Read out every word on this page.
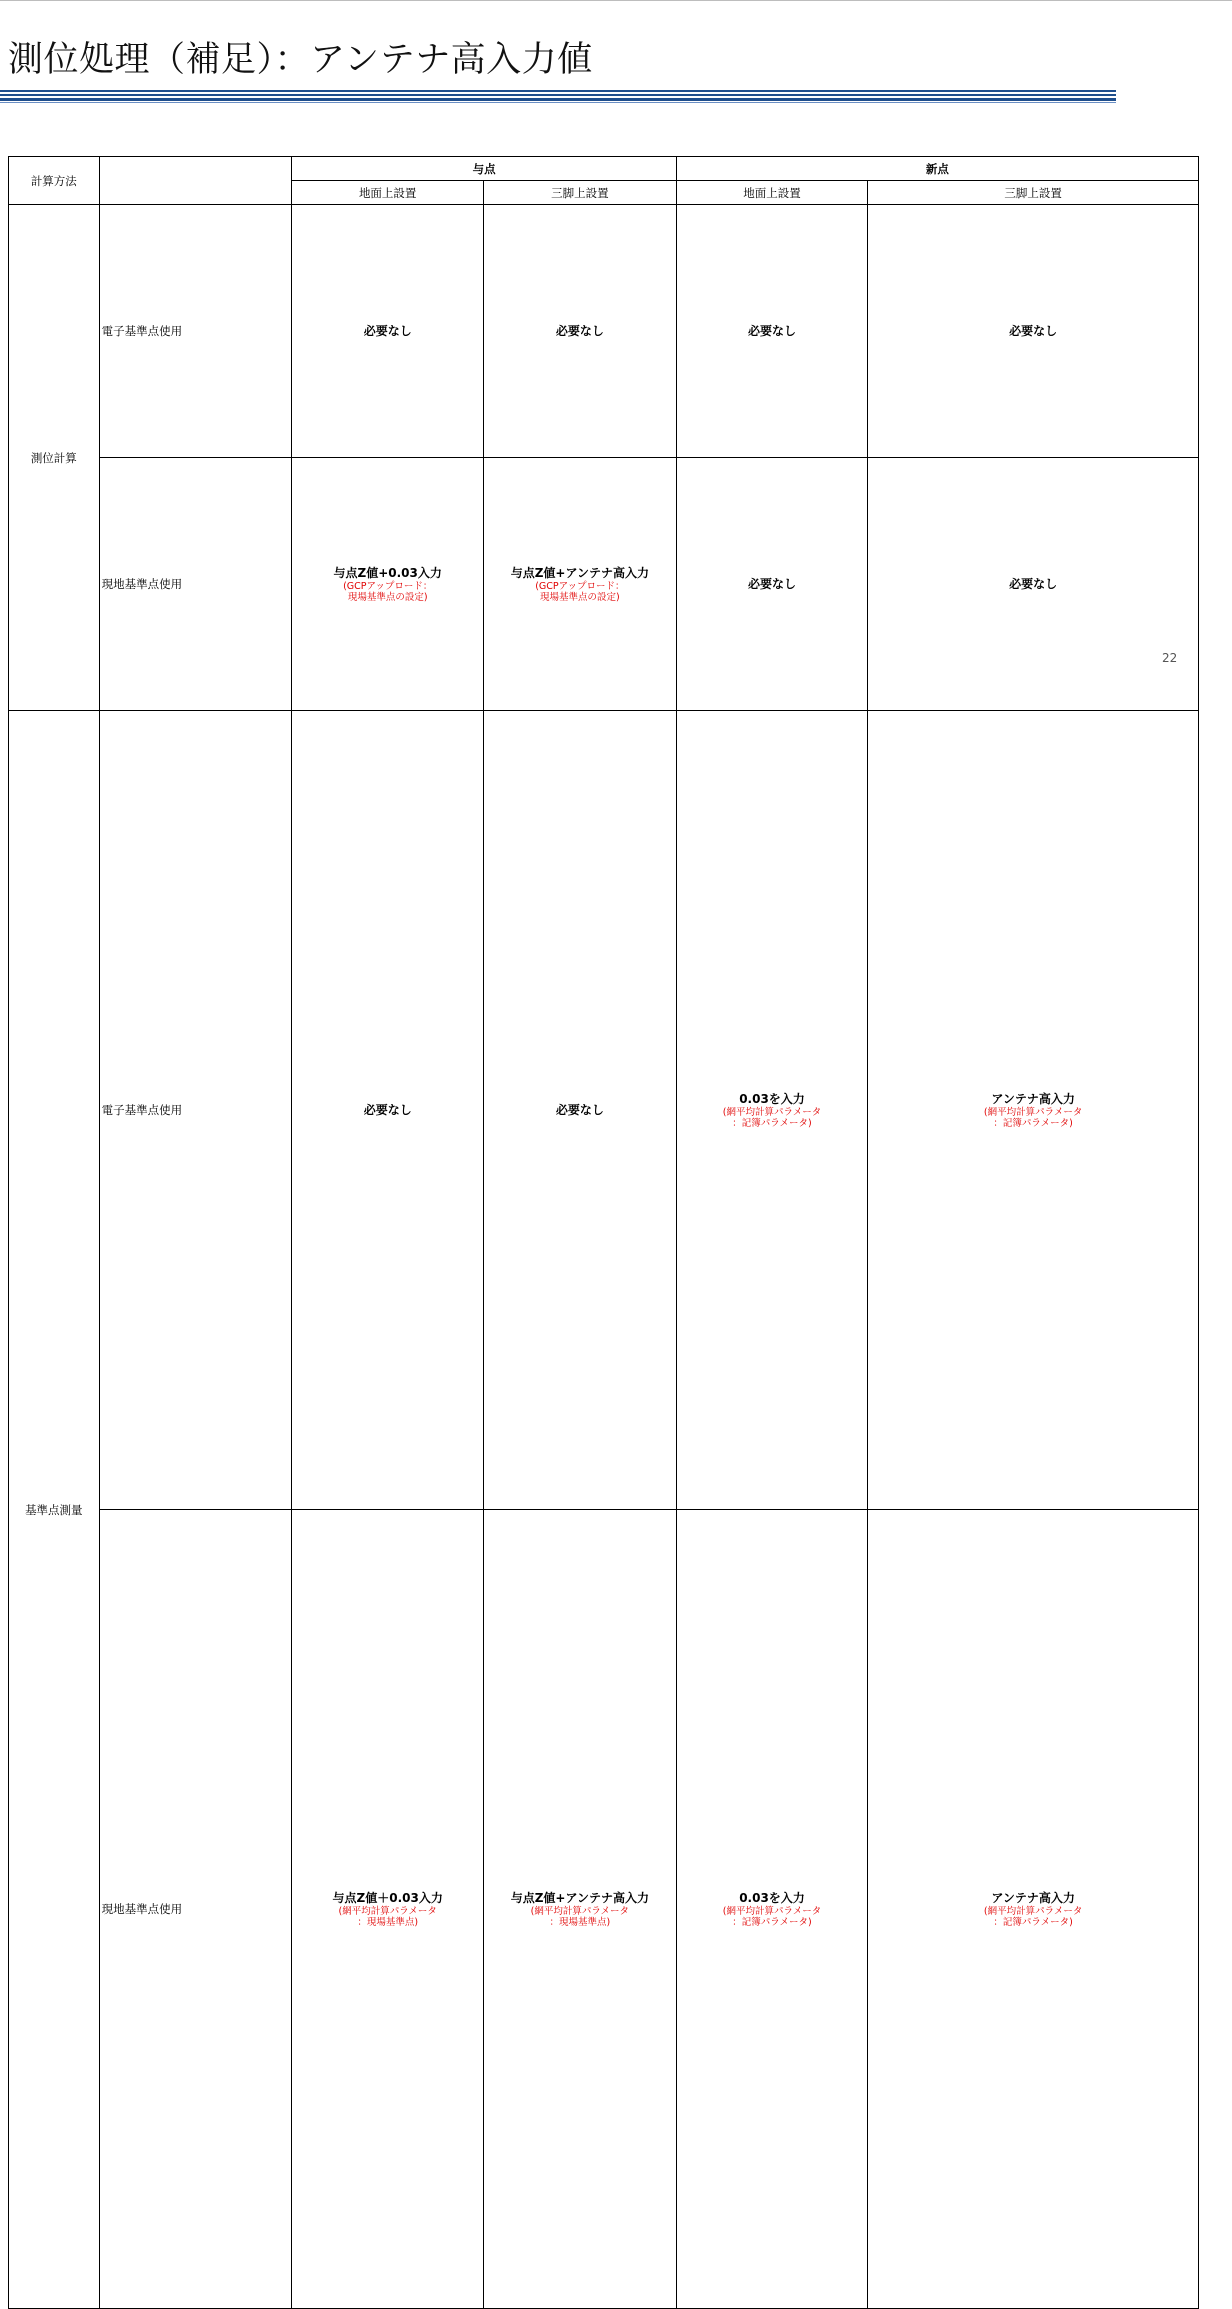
測位処理（補足）：アンテナ高入力値
計算方法		与点		新点	
		地面上設置	三脚上設置	地面上設置	三脚上設置	
測位計算	電子基準点使用	必要なし	必要なし	必要なし	必要なし

	現地基準点使用	与点Z値+0.03入力
(GCPアップロード：
現場基準点の設定)	与点Z値+アンテナ高入力
(GCPアップロード：
現場基準点の設定)	必要なし	必要なし

基準点測量	電子基準点使用	必要なし	必要なし	0.03を入力
(網平均計算パラメータ
：記簿パラメータ)	アンテナ高入力
(網平均計算パラメータ
：記簿パラメータ)

	現地基準点使用	与点Z値＋0.03入力
(網平均計算パラメータ
：現場基準点)	与点Z値+アンテナ高入力
(網平均計算パラメータ
：現場基準点)	0.03を入力
(網平均計算パラメータ
：記簿パラメータ)	アンテナ高入力
(網平均計算パラメータ
：記簿パラメータ)

22
